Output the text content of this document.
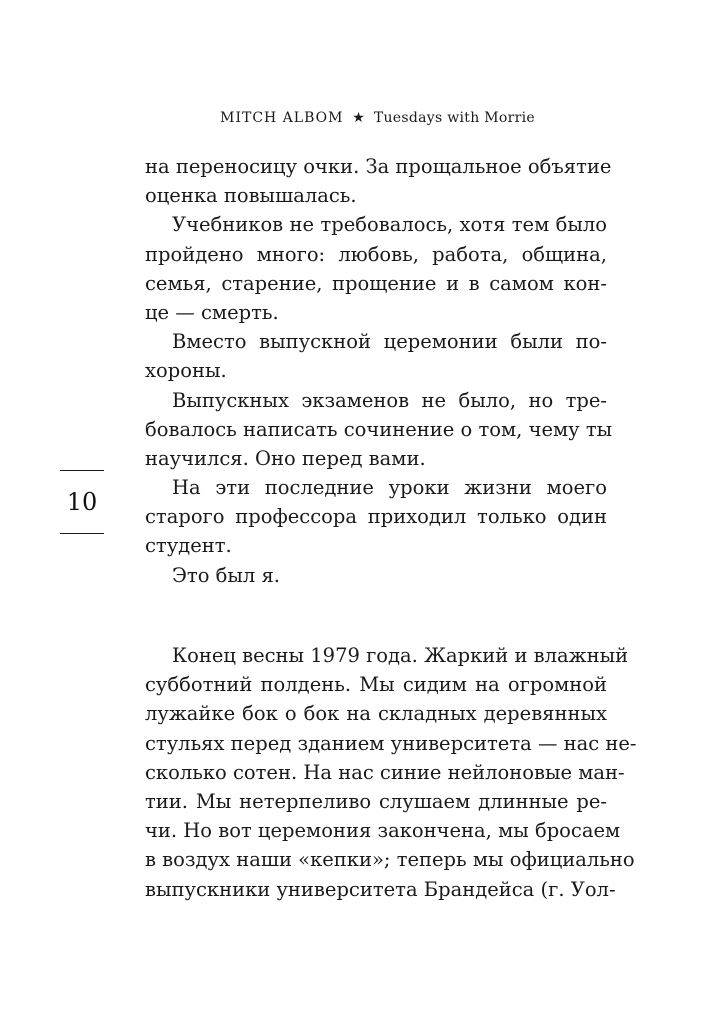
MITCH ALBOM ★ Tuesdays with Morrie
10
на переносицу очки. За прощальное объятие
оценка повышалась.
Учебников не требовалось, хотя тем было
пройдено много: любовь, работа, община,
семья, старение, прощение и в самом кон-
це — смерть.
Вместо выпускной церемонии были по-
хороны.
Выпускных экзаменов не было, но тре-
бовалось написать сочинение о том, чему ты
научился. Оно перед вами.
На эти последние уроки жизни моего
старого профессора приходил только один
студент.
Это был я.
Конец весны 1979 года. Жаркий и влажный
субботний полдень. Мы сидим на огромной
лужайке бок о бок на складных деревянных
стульях перед зданием университета — нас не-
сколько сотен. На нас синие нейлоновые ман-
тии. Мы нетерпеливо слушаем длинные ре-
чи. Но вот церемония закончена, мы бросаем
в воздух наши «кепки»; теперь мы официально
выпускники университета Брандейса (г. Уол-
